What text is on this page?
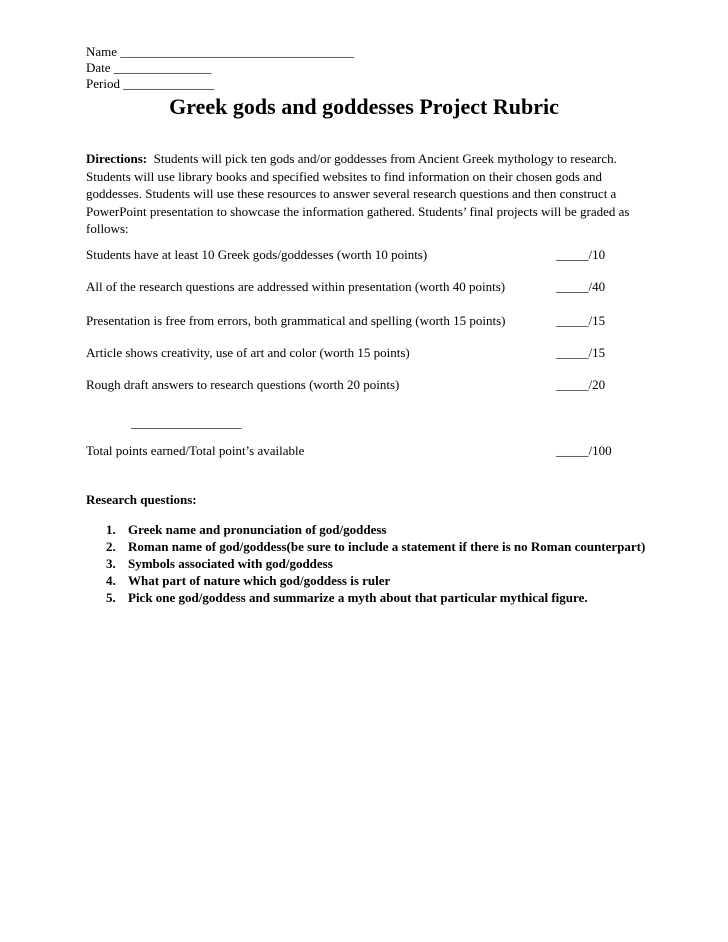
Name ____________________________________
Date _______________
Period ______________
Greek gods and goddesses Project Rubric
Directions: Students will pick ten gods and/or goddesses from Ancient Greek mythology to research. Students will use library books and specified websites to find information on their chosen gods and goddesses. Students will use these resources to answer several research questions and then construct a PowerPoint presentation to showcase the information gathered. Students’ final projects will be graded as follows:
Students have at least 10 Greek gods/goddesses (worth 10 points)	_____/10
All of the research questions are addressed within presentation (worth 40 points)	_____/40
Presentation is free from errors, both grammatical and spelling (worth 15 points)	_____/15
Article shows creativity, use of art and color (worth 15 points)	_____/15
Rough draft answers to research questions (worth 20 points)	_____/20
_________________
Total points earned/Total point’s available	_____/100
Research questions:
1. Greek name and pronunciation of god/goddess
2. Roman name of god/goddess(be sure to include a statement if there is no Roman counterpart)
3. Symbols associated with god/goddess
4. What part of nature which god/goddess is ruler
5. Pick one god/goddess and summarize a myth about that particular mythical figure.
